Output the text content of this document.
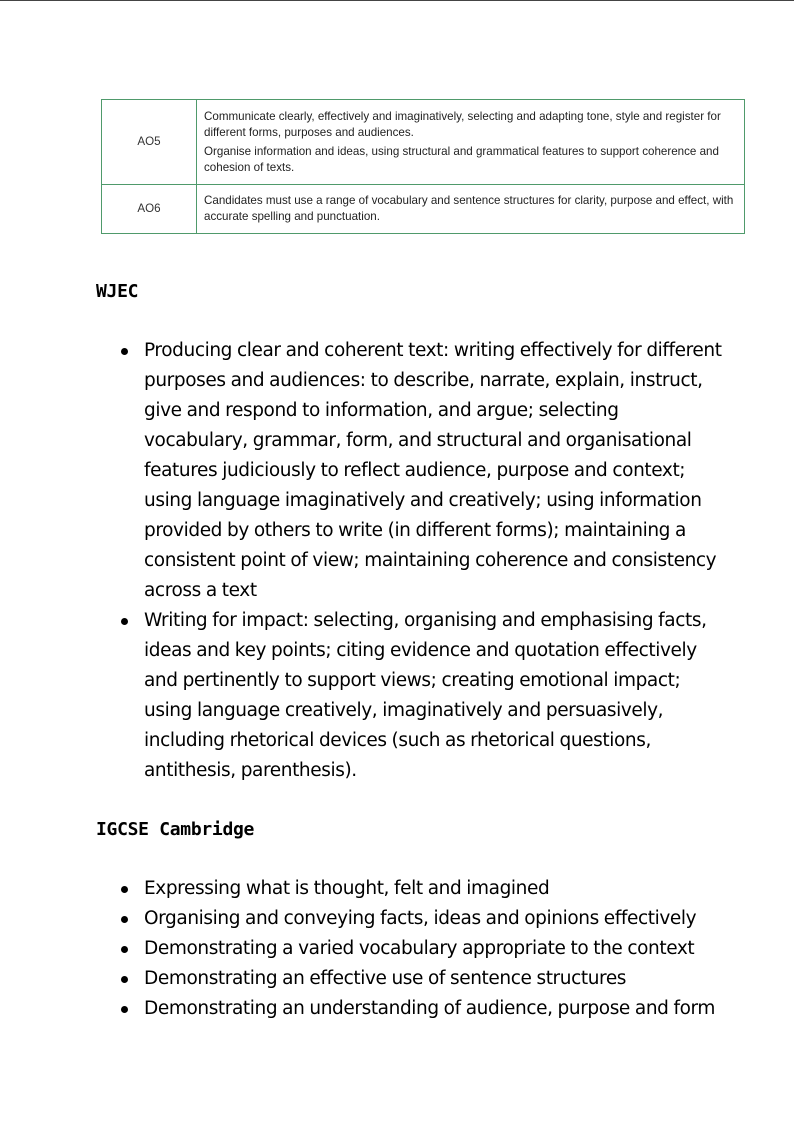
AO5	Communicate clearly, effectively and imaginatively, selecting and adapting tone, style and register for different forms, purposes and audiences.
Organise information and ideas, using structural and grammatical features to support coherence and cohesion of texts.

AO6	Candidates must use a range of vocabulary and sentence structures for clarity, purpose and effect, with accurate spelling and punctuation.
WJEC
Producing clear and coherent text: writing effectively for different purposes and audiences: to describe, narrate, explain, instruct, give and respond to information, and argue; selecting vocabulary, grammar, form, and structural and organisational features judiciously to reflect audience, purpose and context; using language imaginatively and creatively; using information provided by others to write (in different forms); maintaining a consistent point of view; maintaining coherence and consistency across a text
Writing for impact: selecting, organising and emphasising facts, ideas and key points; citing evidence and quotation effectively and pertinently to support views; creating emotional impact; using language creatively, imaginatively and persuasively, including rhetorical devices (such as rhetorical questions, antithesis, parenthesis).
IGCSE Cambridge
Expressing what is thought, felt and imagined
Organising and conveying facts, ideas and opinions effectively
Demonstrating a varied vocabulary appropriate to the context
Demonstrating an effective use of sentence structures
Demonstrating an understanding of audience, purpose and form
